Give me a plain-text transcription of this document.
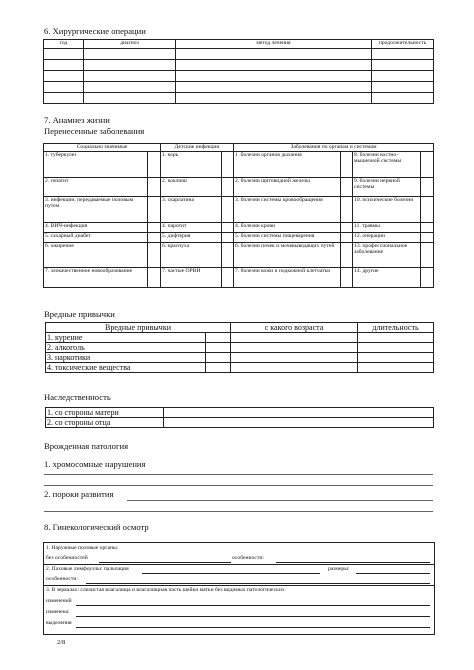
6. Хирургические операции
год	диагноз	метод лечения	продолжительность

7. Анамнез жизни
Перенесенные заболевания
Социально значимые		Детские инфекции		Заболевания по органам и системам			
1. туберкулез		1. корь		1 .болезни органов дыхания		8. болезни костно-мышечной системы	
2. гепатит		2. коклюш		2. болезни щитовидной железы		9. болезни нервной системы	
3. инфекции, передаваемые половым путем		3. скарлатина		3. болезни системы кровообращения		10. психические болезни	
4. ВИЧ-инфекция		4. паротит		4. болезни крови		11. травмы	
5. сахарный диабет		5. дифтерия		5. болезни системы пищеварения		12. операции	
6. ожирение		6. краснуха		6. болезни почек и мочевыводящих путей		13. профессиональное заболевание	
7. злокачественное новообразование		7. частые ОРВИ		7. болезни кожи и подкожной клетчатки		14. другие	
Вредные привычки
Вредные привычки		с какого возраста	длительность
1. курение			
2. алкоголь			
3. наркотики			
4. токсические вещества			
Наследственность
1. со стороны матери	
2. со стороны отца	
Врожденная патология
1. хромосомные нарушения
2. пороки развития
8. Гинекологический осмотр
1. Наружные половые органы:
без особенностей	особенности:
2. Паховые лимфоузлы: пальпация	размеры:
особенности:
3. В зеркалах: слизистая влагалища и влагалищная часть шейки матки без видимых патологических
изменений
изменена:
выделения
2/8
